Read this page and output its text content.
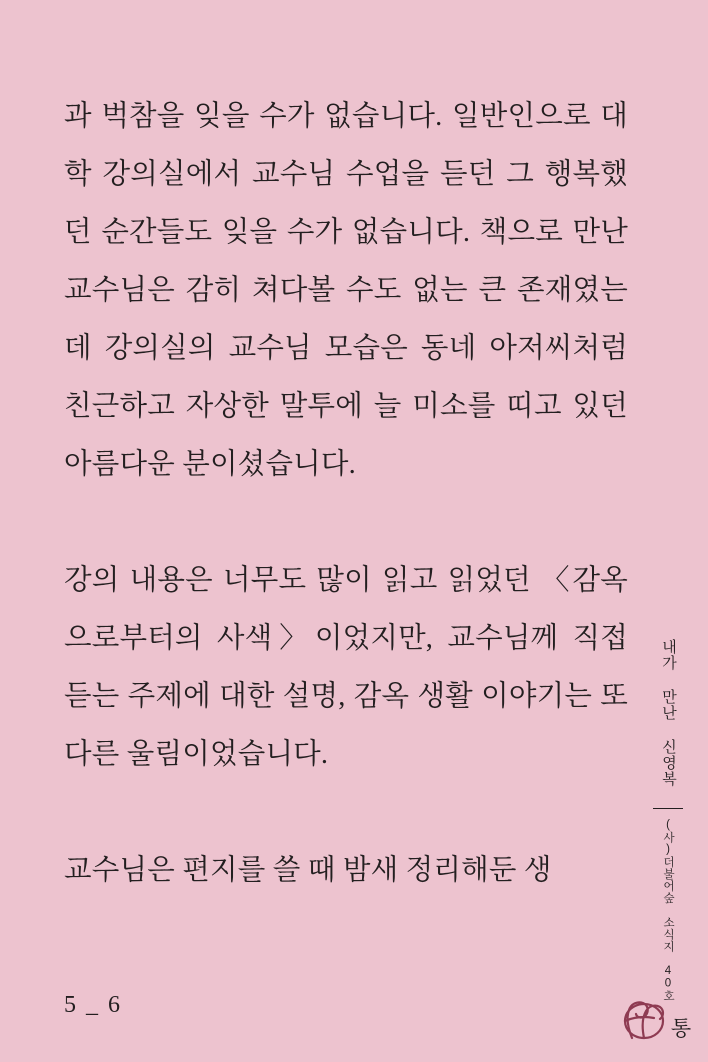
과 벅참을 잊을 수가 없습니다. 일반인으로 대학 강의실에서 교수님 수업을 듣던 그 행복했던 순간들도 잊을 수가 없습니다. 책으로 만난 교수님은 감히 쳐다볼 수도 없는 큰 존재였는데 강의실의 교수님 모습은 동네 아저씨처럼 친근하고 자상한 말투에 늘 미소를 띠고 있던 아름다운 분이셨습니다.

강의 내용은 너무도 많이 읽고 읽었던 〈감옥으로부터의 사색〉이었지만, 교수님께 직접 듣는 주제에 대한 설명, 감옥 생활 이야기는 또 다른 울림이었습니다.

교수님은 편지를 쓸 때 밤새 정리해둔 생

5 _ 6
내가 만난 신영복
(사)더불어숲 소식지 40호
통
